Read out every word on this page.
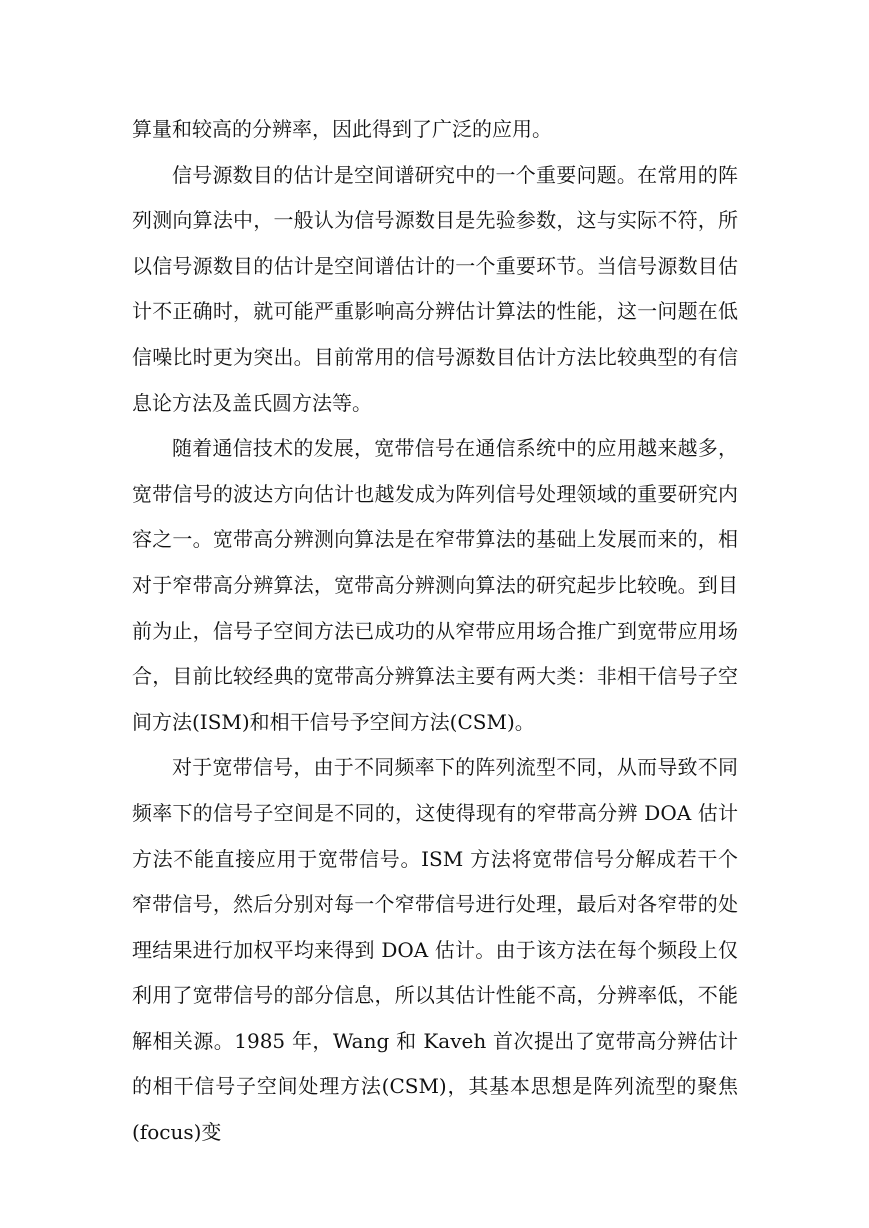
算量和较高的分辨率，因此得到了广泛的应用。

信号源数目的估计是空间谱研究中的一个重要问题。在常用的阵列测向算法中，一般认为信号源数目是先验参数，这与实际不符，所以信号源数目的估计是空间谱估计的一个重要环节。当信号源数目估计不正确时，就可能严重影响高分辨估计算法的性能，这一问题在低信噪比时更为突出。目前常用的信号源数目估计方法比较典型的有信息论方法及盖氏圆方法等。

随着通信技术的发展，宽带信号在通信系统中的应用越来越多，宽带信号的波达方向估计也越发成为阵列信号处理领域的重要研究内容之一。宽带高分辨测向算法是在窄带算法的基础上发展而来的，相对于窄带高分辨算法，宽带高分辨测向算法的研究起步比较晚。到目前为止，信号子空间方法已成功的从窄带应用场合推广到宽带应用场合，目前比较经典的宽带高分辨算法主要有两大类：非相干信号子空间方法(ISM)和相干信号予空间方法(CSM)。

对于宽带信号，由于不同频率下的阵列流型不同，从而导致不同频率下的信号子空间是不同的，这使得现有的窄带高分辨 DOA 估计方法不能直接应用于宽带信号。ISM 方法将宽带信号分解成若干个窄带信号，然后分别对每一个窄带信号进行处理，最后对各窄带的处理结果进行加权平均来得到 DOA 估计。由于该方法在每个频段上仅利用了宽带信号的部分信息，所以其估计性能不高，分辨率低，不能解相关源。1985 年，Wang 和 Kaveh 首次提出了宽带高分辨估计的相干信号子空间处理方法(CSM)，其基本思想是阵列流型的聚焦(focus)变
